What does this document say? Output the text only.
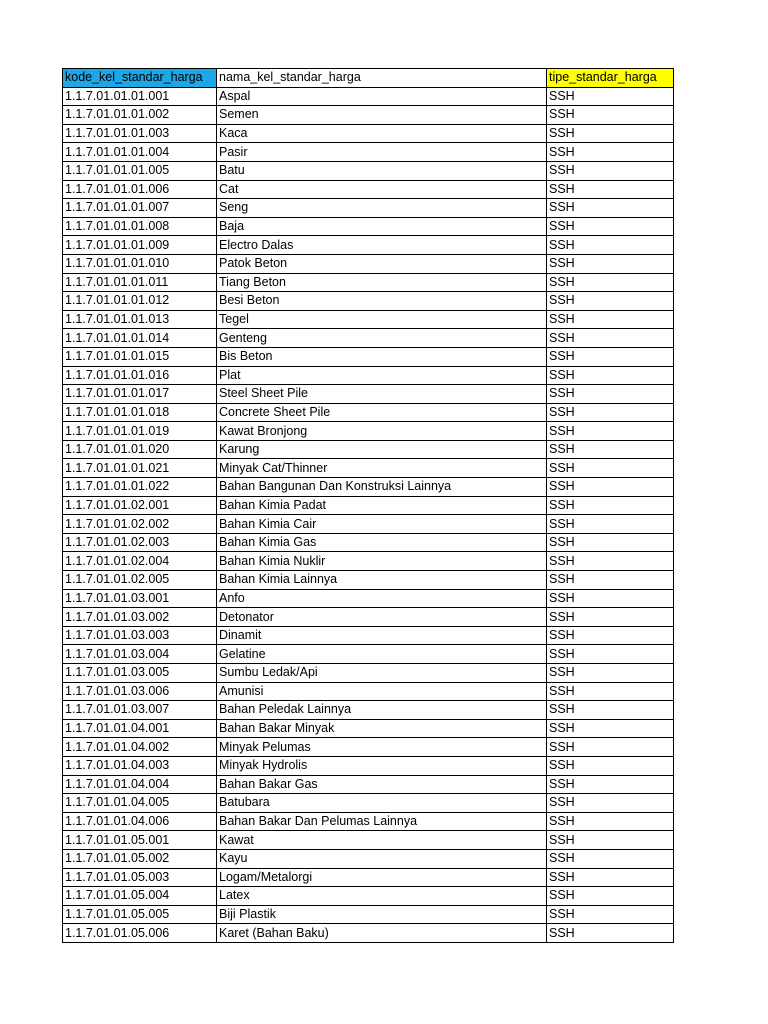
kode_kel_standar_harga	nama_kel_standar_harga	tipe_standar_harga
1.1.7.01.01.01.001	Aspal	SSH
1.1.7.01.01.01.002	Semen	SSH
1.1.7.01.01.01.003	Kaca	SSH
1.1.7.01.01.01.004	Pasir	SSH
1.1.7.01.01.01.005	Batu	SSH
1.1.7.01.01.01.006	Cat	SSH
1.1.7.01.01.01.007	Seng	SSH
1.1.7.01.01.01.008	Baja	SSH
1.1.7.01.01.01.009	Electro Dalas	SSH
1.1.7.01.01.01.010	Patok Beton	SSH
1.1.7.01.01.01.011	Tiang Beton	SSH
1.1.7.01.01.01.012	Besi Beton	SSH
1.1.7.01.01.01.013	Tegel	SSH
1.1.7.01.01.01.014	Genteng	SSH
1.1.7.01.01.01.015	Bis Beton	SSH
1.1.7.01.01.01.016	Plat	SSH
1.1.7.01.01.01.017	Steel Sheet Pile	SSH
1.1.7.01.01.01.018	Concrete Sheet Pile	SSH
1.1.7.01.01.01.019	Kawat Bronjong	SSH
1.1.7.01.01.01.020	Karung	SSH
1.1.7.01.01.01.021	Minyak Cat/Thinner	SSH
1.1.7.01.01.01.022	Bahan Bangunan Dan Konstruksi Lainnya	SSH
1.1.7.01.01.02.001	Bahan Kimia Padat	SSH
1.1.7.01.01.02.002	Bahan Kimia Cair	SSH
1.1.7.01.01.02.003	Bahan Kimia Gas	SSH
1.1.7.01.01.02.004	Bahan Kimia Nuklir	SSH
1.1.7.01.01.02.005	Bahan Kimia Lainnya	SSH
1.1.7.01.01.03.001	Anfo	SSH
1.1.7.01.01.03.002	Detonator	SSH
1.1.7.01.01.03.003	Dinamit	SSH
1.1.7.01.01.03.004	Gelatine	SSH
1.1.7.01.01.03.005	Sumbu Ledak/Api	SSH
1.1.7.01.01.03.006	Amunisi	SSH
1.1.7.01.01.03.007	Bahan Peledak Lainnya	SSH
1.1.7.01.01.04.001	Bahan Bakar Minyak	SSH
1.1.7.01.01.04.002	Minyak Pelumas	SSH
1.1.7.01.01.04.003	Minyak Hydrolis	SSH
1.1.7.01.01.04.004	Bahan Bakar Gas	SSH
1.1.7.01.01.04.005	Batubara	SSH
1.1.7.01.01.04.006	Bahan Bakar Dan Pelumas Lainnya	SSH
1.1.7.01.01.05.001	Kawat	SSH
1.1.7.01.01.05.002	Kayu	SSH
1.1.7.01.01.05.003	Logam/Metalorgi	SSH
1.1.7.01.01.05.004	Latex	SSH
1.1.7.01.01.05.005	Biji Plastik	SSH
1.1.7.01.01.05.006	Karet (Bahan Baku)	SSH
